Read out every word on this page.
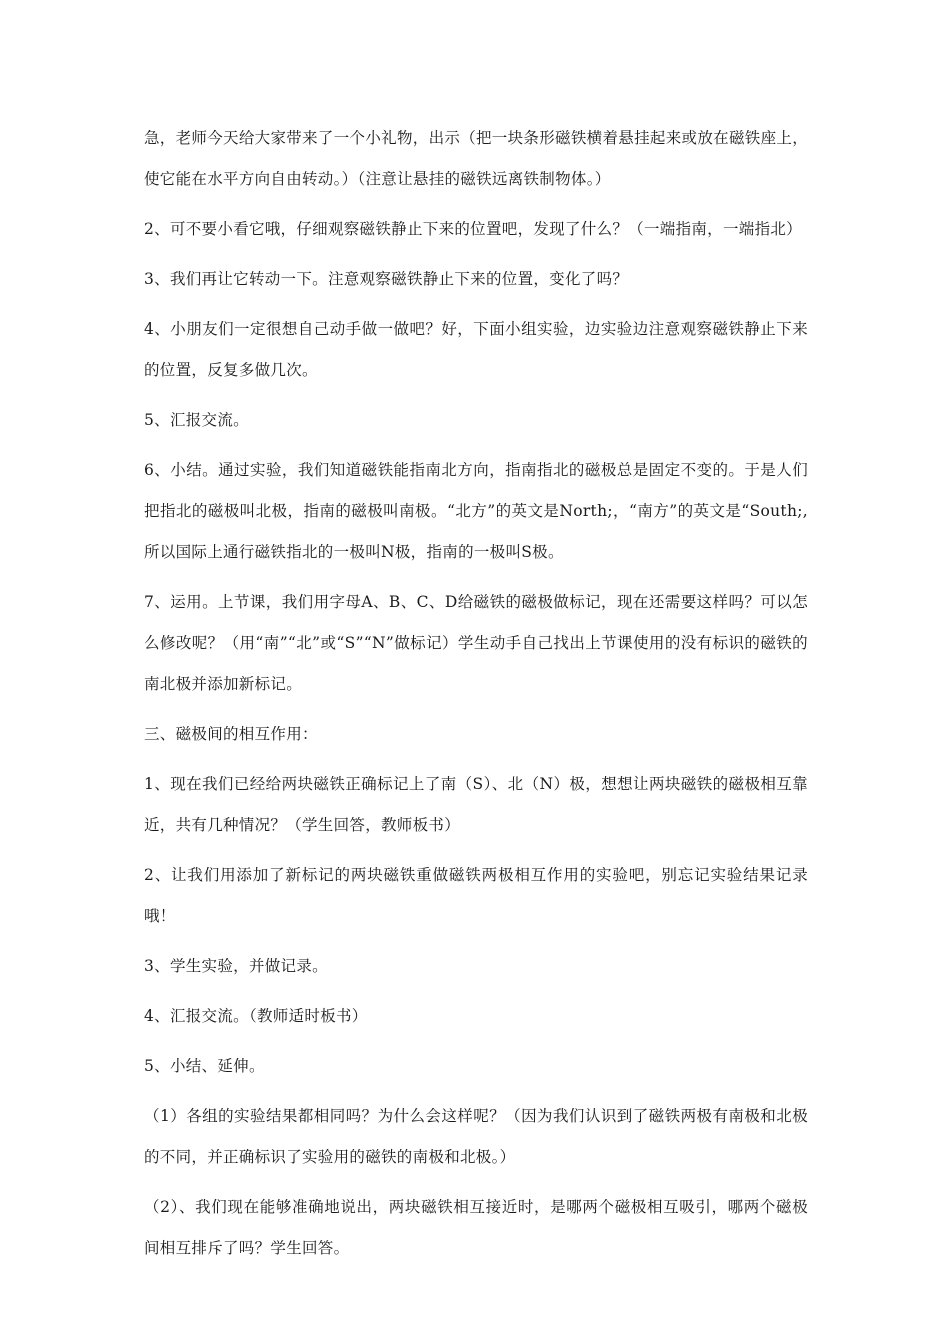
急，老师今天给大家带来了一个小礼物，出示（把一块条形磁铁横着悬挂起来或放在磁铁座上，使它能在水平方向自由转动。）（注意让悬挂的磁铁远离铁制物体。）

2、可不要小看它哦，仔细观察磁铁静止下来的位置吧，发现了什么？（一端指南，一端指北）

3、我们再让它转动一下。注意观察磁铁静止下来的位置，变化了吗？

4、小朋友们一定很想自己动手做一做吧？好，下面小组实验，边实验边注意观察磁铁静止下来的位置，反复多做几次。

5、汇报交流。

6、小结。通过实验，我们知道磁铁能指南北方向，指南指北的磁极总是固定不变的。于是人们把指北的磁极叫北极，指南的磁极叫南极。“北方”的英文是North;，“南方”的英文是“South;,所以国际上通行磁铁指北的一极叫N极，指南的一极叫S极。

7、运用。上节课，我们用字母A、B、C、D给磁铁的磁极做标记，现在还需要这样吗？可以怎么修改呢？（用“南”“北”或“S”“N”做标记）学生动手自己找出上节课使用的没有标识的磁铁的南北极并添加新标记。

三、磁极间的相互作用：

1、现在我们已经给两块磁铁正确标记上了南（S）、北（N）极，想想让两块磁铁的磁极相互靠近，共有几种情况？（学生回答，教师板书）

2、让我们用添加了新标记的两块磁铁重做磁铁两极相互作用的实验吧，别忘记实验结果记录哦！

3、学生实验，并做记录。

4、汇报交流。（教师适时板书）

5、小结、延伸。

（1）各组的实验结果都相同吗？为什么会这样呢？（因为我们认识到了磁铁两极有南极和北极的不同，并正确标识了实验用的磁铁的南极和北极。）

（2）、我们现在能够准确地说出，两块磁铁相互接近时，是哪两个磁极相互吸引，哪两个磁极间相互排斥了吗？学生回答。
